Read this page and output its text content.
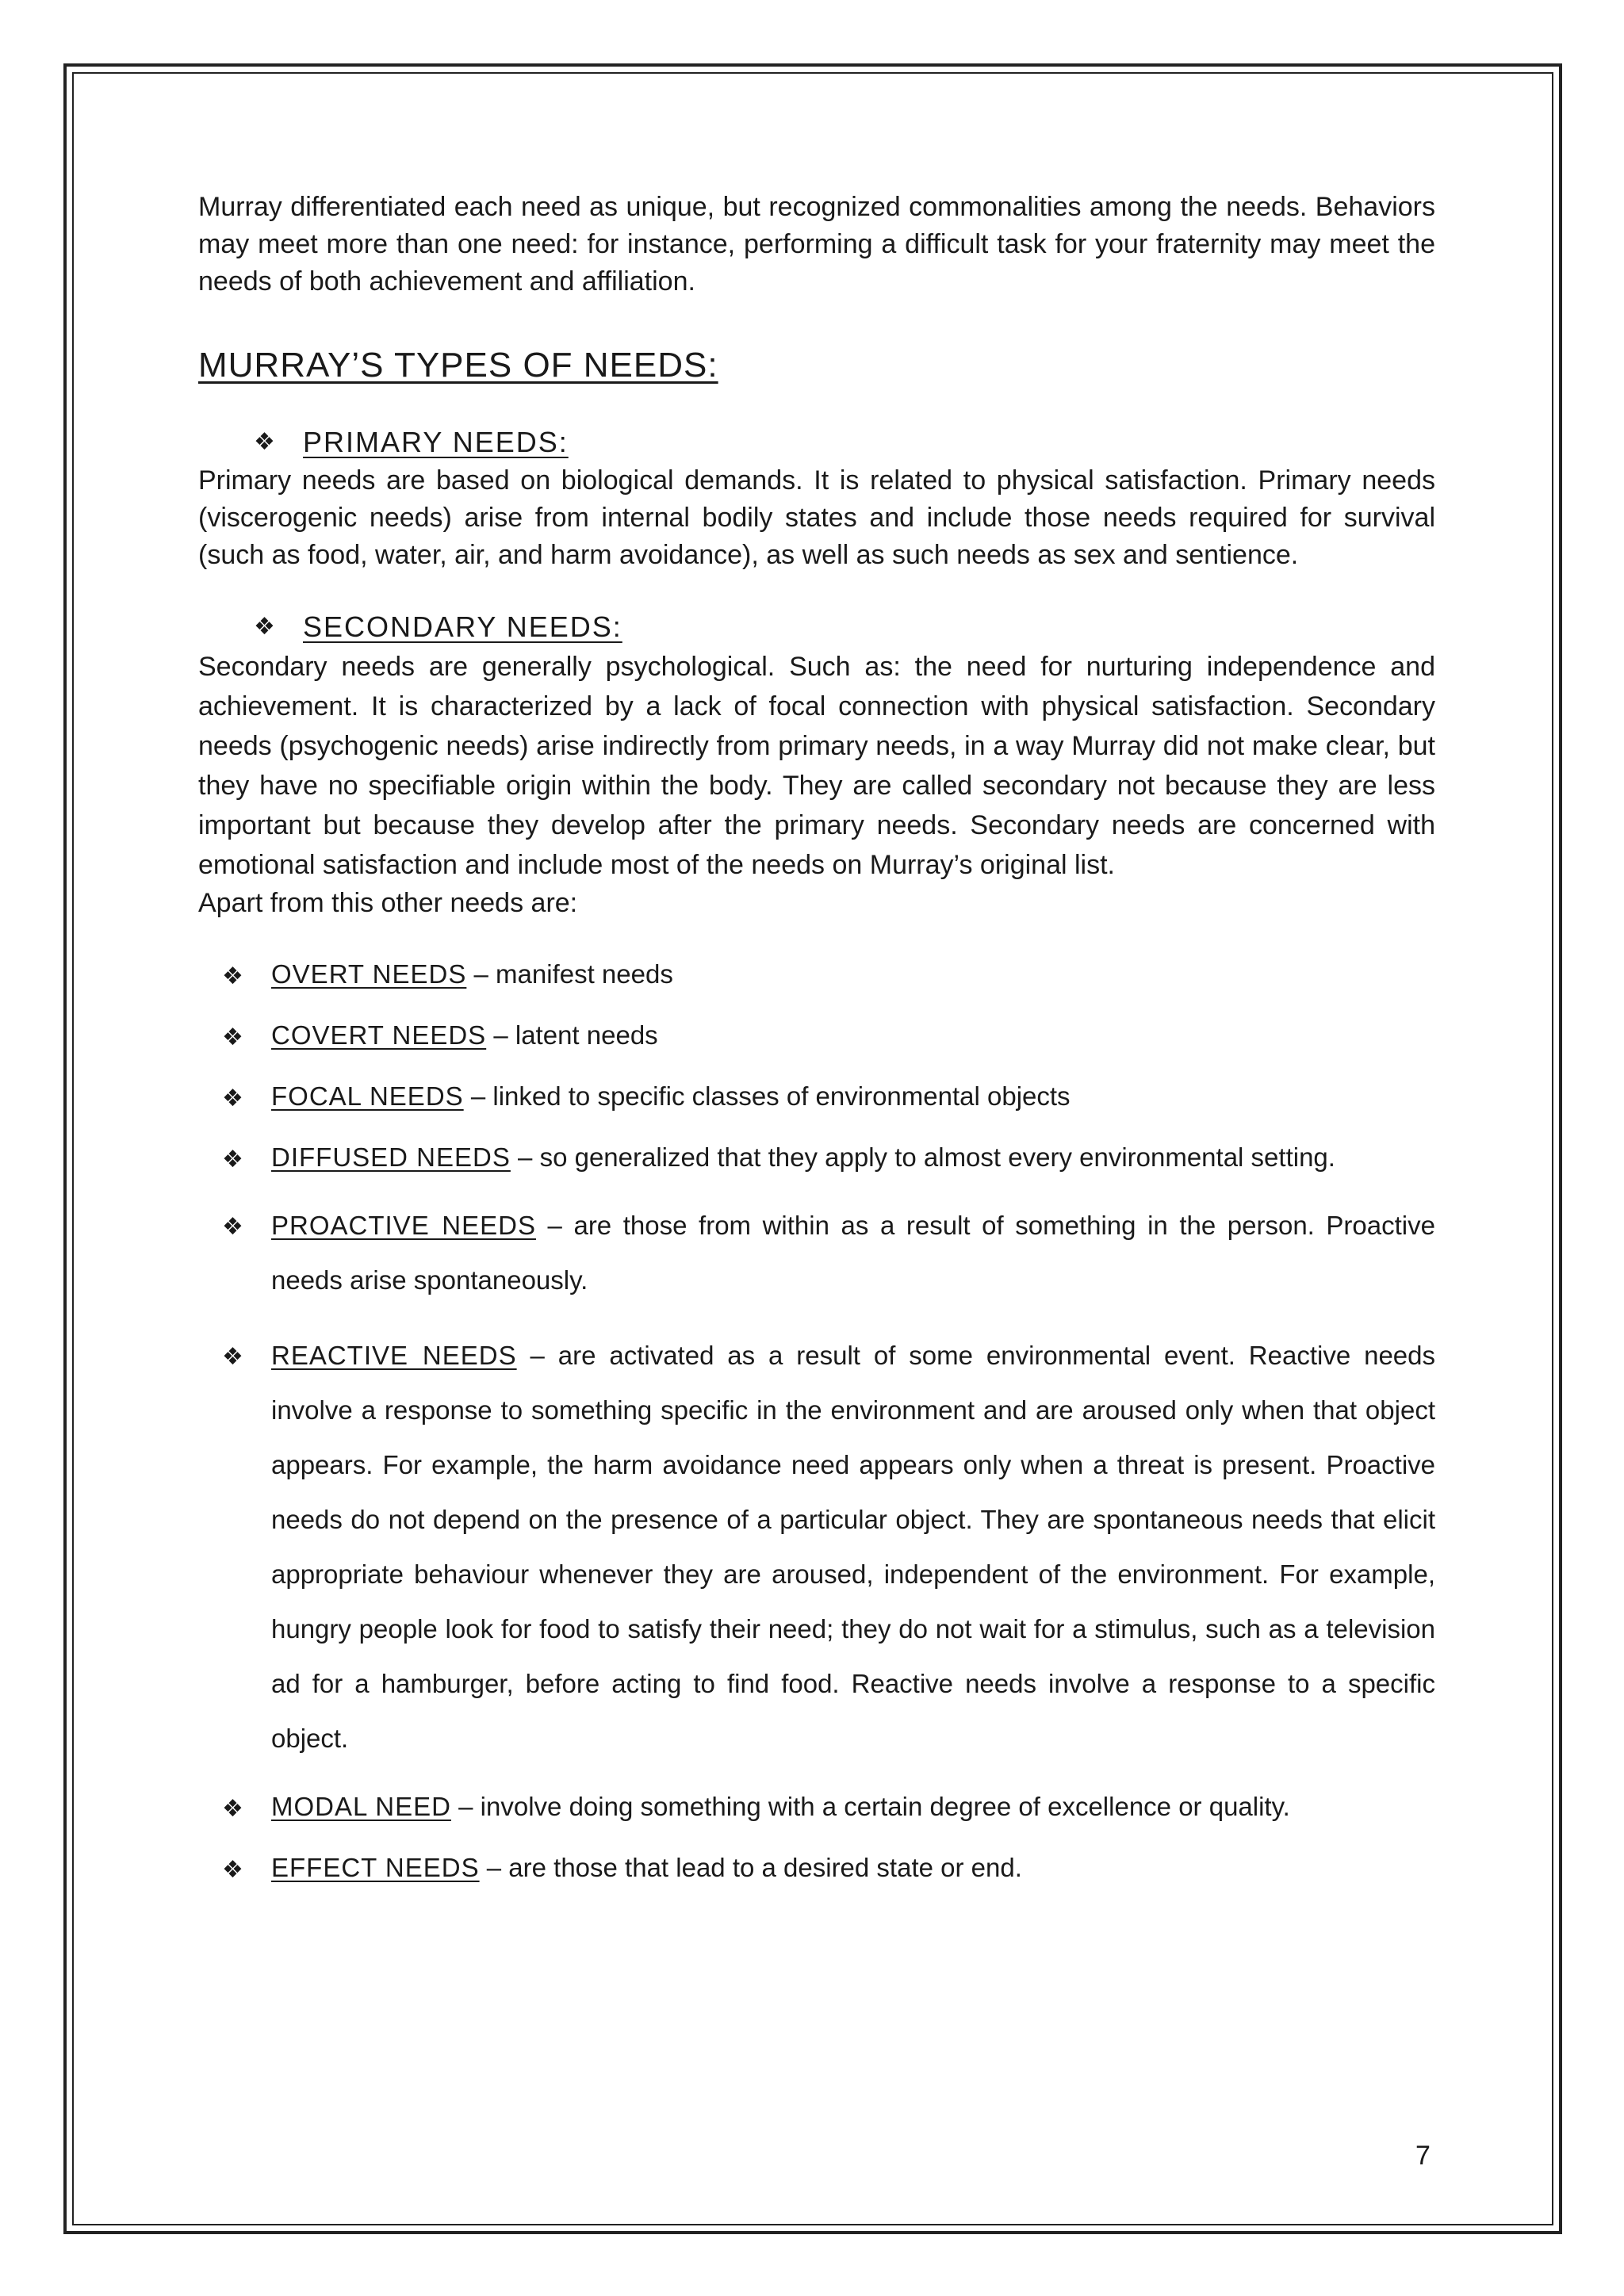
Murray differentiated each need as unique, but recognized commonalities among the needs. Behaviors may meet more than one need: for instance, performing a difficult task for your fraternity may meet the needs of both achievement and affiliation.

MURRAY’S TYPES OF NEEDS:
❖ PRIMARY NEEDS:

Primary needs are based on biological demands. It is related to physical satisfaction. Primary needs (viscerogenic needs) arise from internal bodily states and include those needs required for survival (such as food, water, air, and harm avoidance), as well as such needs as sex and sentience.

❖ SECONDARY NEEDS:

Secondary needs are generally psychological. Such as: the need for nurturing independence and achievement. It is characterized by a lack of focal connection with physical satisfaction. Secondary needs (psychogenic needs) arise indirectly from primary needs, in a way Murray did not make clear, but they have no specifiable origin within the body. They are called secondary not because they are less important but because they develop after the primary needs. Secondary needs are concerned with emotional satisfaction and include most of the needs on Murray’s original list.

Apart from this other needs are:

❖	OVERT NEEDS – manifest needs
❖	COVERT NEEDS – latent needs
❖	FOCAL NEEDS – linked to specific classes of environmental objects
❖	DIFFUSED NEEDS – so generalized that they apply to almost every environmental setting.
❖	PROACTIVE NEEDS – are those from within as a result of something in the person. Proactive needs arise spontaneously.
❖	REACTIVE NEEDS – are activated as a result of some environmental event. Reactive needs involve a response to something specific in the environment and are aroused only when that object appears. For example, the harm avoidance need appears only when a threat is present. Proactive needs do not depend on the presence of a particular object. They are spontaneous needs that elicit appropriate behaviour whenever they are aroused, independent of the environment. For example, hungry people look for food to satisfy their need; they do not wait for a stimulus, such as a television ad for a hamburger, before acting to find food. Reactive needs involve a response to a specific object.
❖	MODAL NEED – involve doing something with a certain degree of excellence or quality.
❖	EFFECT NEEDS – are those that lead to a desired state or end.
7
